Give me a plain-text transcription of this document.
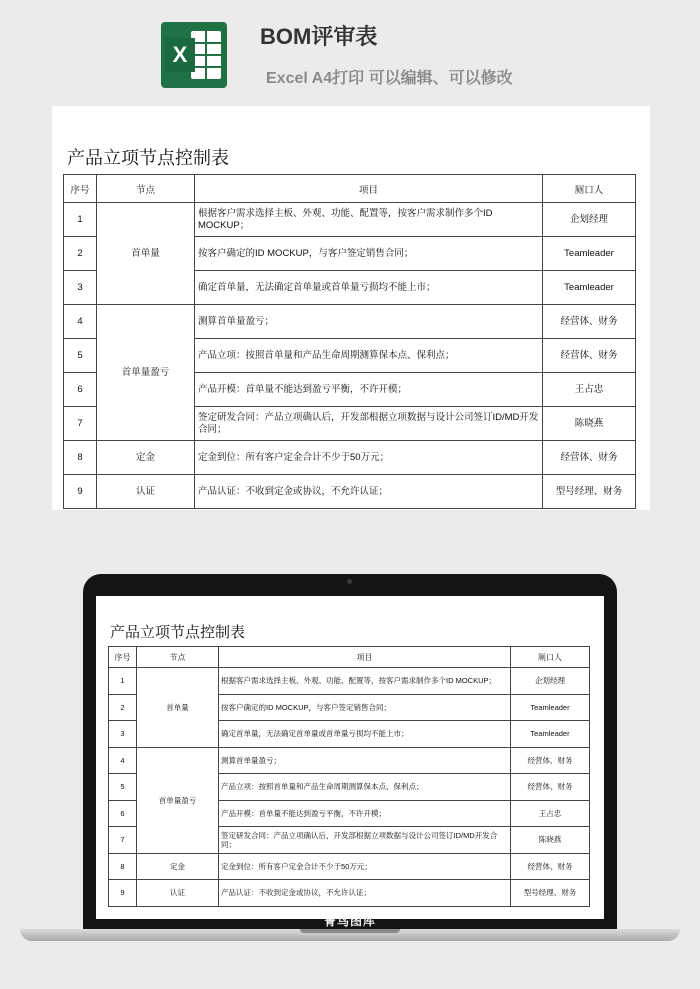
X
BOM评审表
Excel A4打印 可以编辑、可以修改
产品立项节点控制表
序号	节点	项目	厕口人
1	首单量	根据客户需求选择主板、外观、功能、配置等，按客户需求制作多个ID MOCKUP；	企划经理
2		按客户确定的ID MOCKUP，与客户签定销售合同；	Teamleader
3		确定首单量，无法确定首单量或首单量亏损均不能上市；	Teamleader
4	首单量盈亏	测算首单量盈亏；	经营体、财务
5		产品立项：按照首单量和产品生命周期测算保本点、保利点；	经营体、财务
6		产品开模：首单量不能达到盈亏平衡，不许开模；	王占忠
7		签定研发合同：产品立项确认后，开发部根据立项数据与设计公司签订ID/MD开发合同；	陈晓燕
8	定金	定金到位：所有客户定金合计不少于50万元；	经营体、财务
9	认证	产品认证：不收到定金或协议，不允许认证；	型号经理、财务
产品立项节点控制表
序号	节点	项目	厕口人
1	首单量	根据客户需求选择主板、外观、功能、配置等，按客户需求制作多个ID MOCKUP；	企划经理
2		按客户确定的ID MOCKUP，与客户签定销售合同；	Teamleader
3		确定首单量，无法确定首单量或首单量亏损均不能上市；	Teamleader
4	首单量盈亏	测算首单量盈亏；	经营体、财务
5		产品立项：按照首单量和产品生命周期测算保本点、保利点；	经营体、财务
6		产品开模：首单量不能达到盈亏平衡，不许开模；	王占忠
7		签定研发合同：产品立项确认后，开发部根据立项数据与设计公司签订ID/MD开发合同；	陈晓燕
8	定金	定金到位：所有客户定金合计不少于50万元；	经营体、财务
9	认证	产品认证：不收到定金或协议，不允许认证；	型号经理、财务
菁鸟图库
